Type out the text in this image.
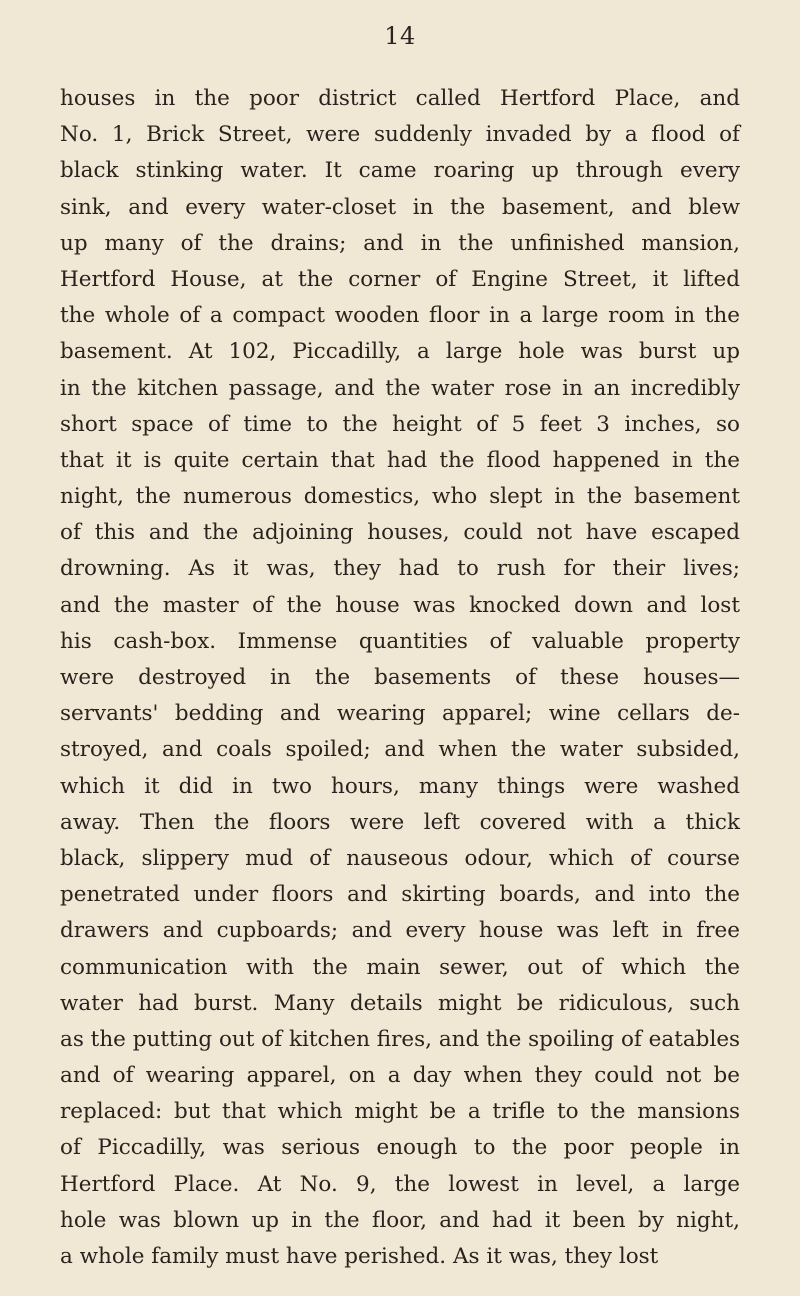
14
houses in the poor district called Hertford Place, and
No. 1, Brick Street, were suddenly invaded by a flood of
black stinking water. It came roaring up through every
sink, and every water-closet in the basement, and blew
up many of the drains; and in the unfinished mansion,
Hertford House, at the corner of Engine Street, it lifted
the whole of a compact wooden floor in a large room in the
basement. At 102, Piccadilly, a large hole was burst up
in the kitchen passage, and the water rose in an incredibly
short space of time to the height of 5 feet 3 inches, so
that it is quite certain that had the flood happened in the
night, the numerous domestics, who slept in the basement
of this and the adjoining houses, could not have escaped
drowning. As it was, they had to rush for their lives;
and the master of the house was knocked down and lost
his cash-box. Immense quantities of valuable property
were destroyed in the basements of these houses—
servants' bedding and wearing apparel; wine cellars de-
stroyed, and coals spoiled; and when the water subsided,
which it did in two hours, many things were washed
away. Then the floors were left covered with a thick
black, slippery mud of nauseous odour, which of course
penetrated under floors and skirting boards, and into the
drawers and cupboards; and every house was left in free
communication with the main sewer, out of which the
water had burst. Many details might be ridiculous, such
as the putting out of kitchen fires, and the spoiling of eatables
and of wearing apparel, on a day when they could not be
replaced: but that which might be a trifle to the mansions
of Piccadilly, was serious enough to the poor people in
Hertford Place. At No. 9, the lowest in level, a large
hole was blown up in the floor, and had it been by night,
a whole family must have perished. As it was, they lost
